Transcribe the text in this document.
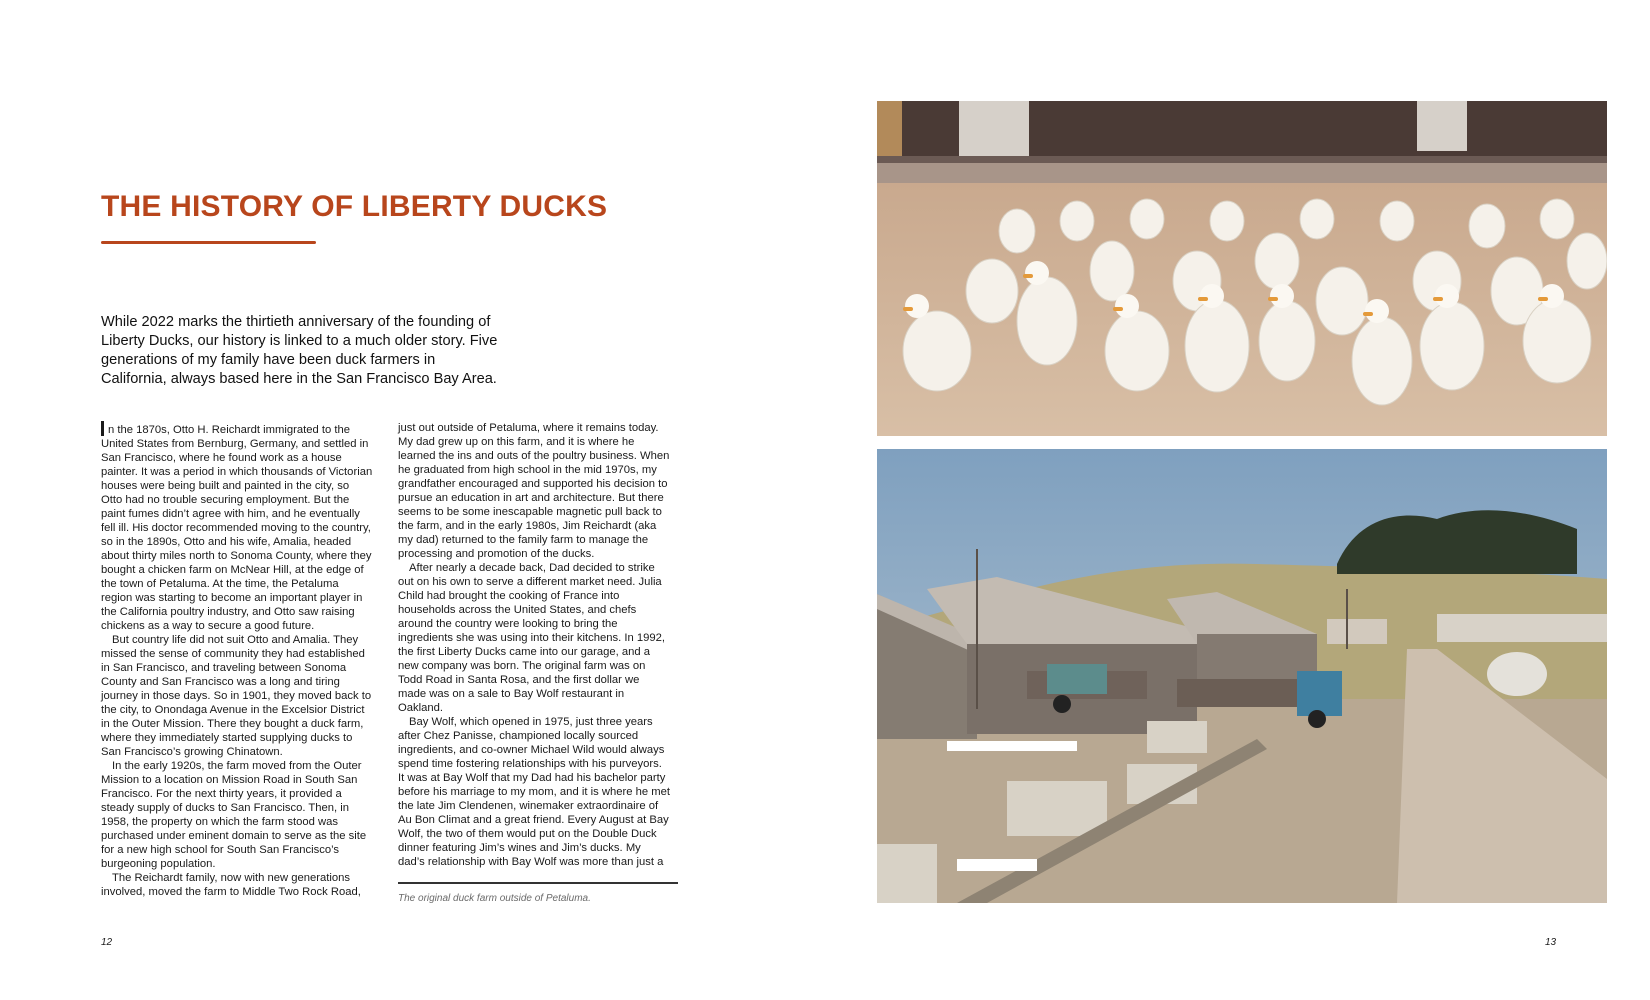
THE HISTORY OF LIBERTY DUCKS

While 2022 marks the thirtieth anniversary of the founding of Liberty Ducks, our history is linked to a much older story. Five generations of my family have been duck farmers in California, always based here in the San Francisco Bay Area.

n the 1870s, Otto H. Reichardt immigrated to the United States from Bernburg, Germany, and settled in San Francisco, where he found work as a house painter. It was a period in which thousands of Victorian houses were being built and painted in the city, so Otto had no trouble securing employment. But the paint fumes didn’t agree with him, and he eventually fell ill. His doctor recommended moving to the country, so in the 1890s, Otto and his wife, Amalia, headed about thirty miles north to Sonoma County, where they bought a chicken farm on McNear Hill, at the edge of the town of Petaluma. At the time, the Petaluma region was starting to become an important player in the California poultry industry, and Otto saw raising chickens as a way to secure a good future.

But country life did not suit Otto and Amalia. They missed the sense of community they had established in San Francisco, and traveling between Sonoma County and San Francisco was a long and tiring journey in those days. So in 1901, they moved back to the city, to Onondaga Avenue in the Excelsior District in the Outer Mission. There they bought a duck farm, where they immediately started supplying ducks to San Francisco’s growing Chinatown.

In the early 1920s, the farm moved from the Outer Mission to a location on Mission Road in South San Francisco. For the next thirty years, it provided a steady supply of ducks to San Francisco. Then, in 1958, the property on which the farm stood was purchased under eminent domain to serve as the site for a new high school for South San Francisco’s burgeoning population.

The Reichardt family, now with new generations involved, moved the farm to Middle Two Rock Road,

just out outside of Petaluma, where it remains today. My dad grew up on this farm, and it is where he learned the ins and outs of the poultry business. When he graduated from high school in the mid 1970s, my grandfather encouraged and supported his decision to pursue an education in art and architecture. But there seems to be some inescapable magnetic pull back to the farm, and in the early 1980s, Jim Reichardt (aka my dad) returned to the family farm to manage the processing and promotion of the ducks.

After nearly a decade back, Dad decided to strike out on his own to serve a different market need. Julia Child had brought the cooking of France into households across the United States, and chefs around the country were looking to bring the ingredients she was using into their kitchens. In 1992, the first Liberty Ducks came into our garage, and a new company was born. The original farm was on Todd Road in Santa Rosa, and the first dollar we made was on a sale to Bay Wolf restaurant in Oakland.

Bay Wolf, which opened in 1975, just three years after Chez Panisse, championed locally sourced ingredients, and co-owner Michael Wild would always spend time fostering relationships with his purveyors. It was at Bay Wolf that my Dad had his bachelor party before his marriage to my mom, and it is where he met the late Jim Clendenen, winemaker extraordinaire of Au Bon Climat and a great friend. Every August at Bay Wolf, the two of them would put on the Double Duck dinner featuring Jim’s wines and Jim’s ducks. My dad’s relationship with Bay Wolf was more than just a

The original duck farm outside of Petaluma.

12	13
